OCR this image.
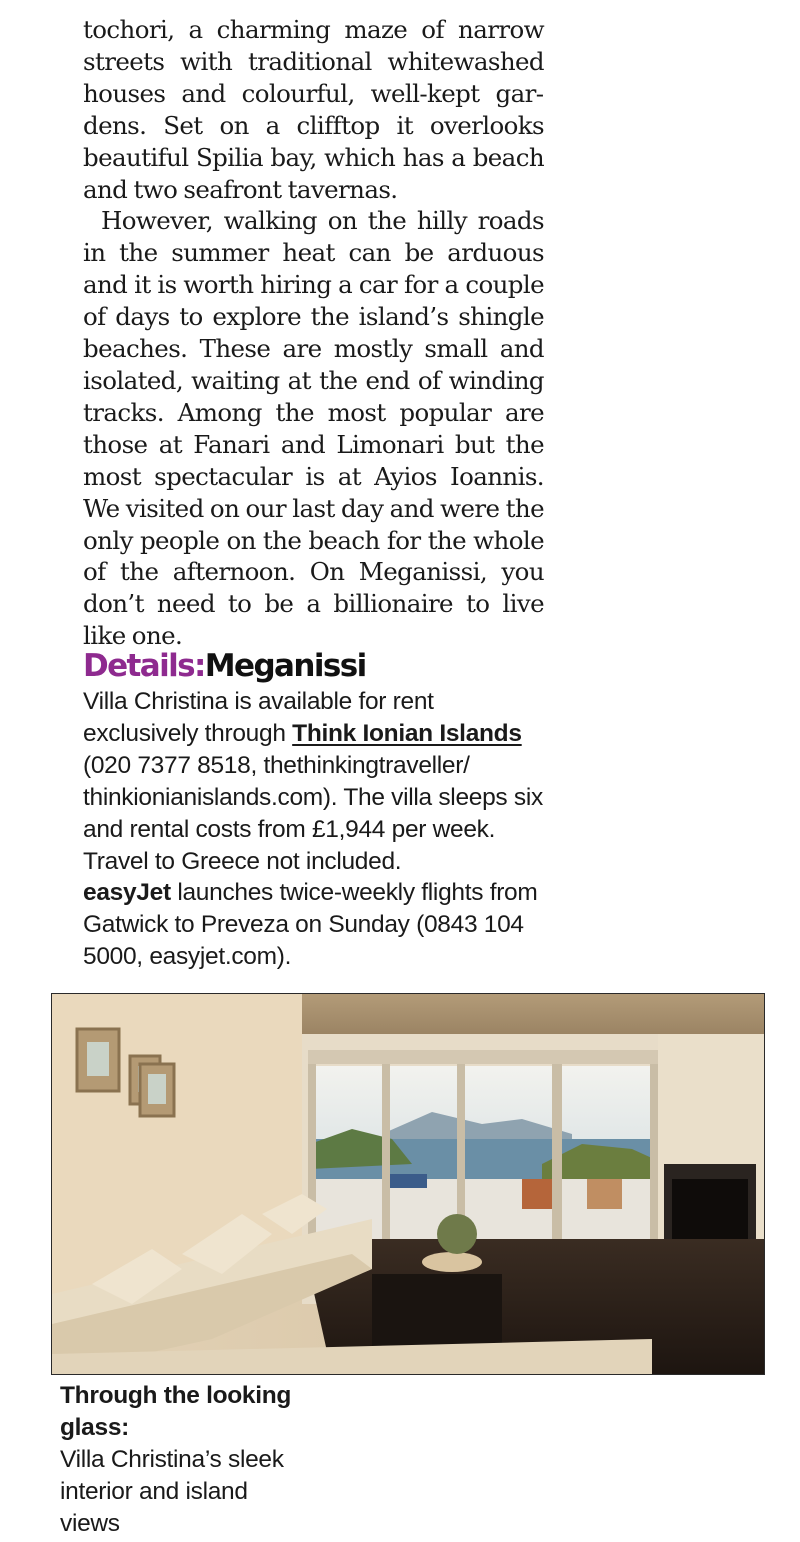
tochori, a charming maze of narrow streets with traditional whitewashed houses and colourful, well-kept gardens. Set on a clifftop it overlooks beautiful Spilia bay, which has a beach and two seafront tavernas.

However, walking on the hilly roads in the summer heat can be arduous and it is worth hiring a car for a couple of days to explore the island’s shingle beaches. These are mostly small and isolated, waiting at the end of winding tracks. Among the most popular are those at Fanari and Limonari but the most spectacular is at Ayios Ioannis. We visited on our last day and were the only people on the beach for the whole of the afternoon. On Meganissi, you don’t need to be a billionaire to live like one.

Details:Meganissi
Villa Christina is available for rent exclusively through Think Ionian Islands (020 7377 8518, thethinkingtraveller/ thinkionianislands.com). The villa sleeps six and rental costs from £1,944 per week. Travel to Greece not included.
easyJet launches twice-weekly flights from Gatwick to Preveza on Sunday (0843 104 5000, easyjet.com).
Through the looking glass:
Villa Christina’s sleek interior and island views
